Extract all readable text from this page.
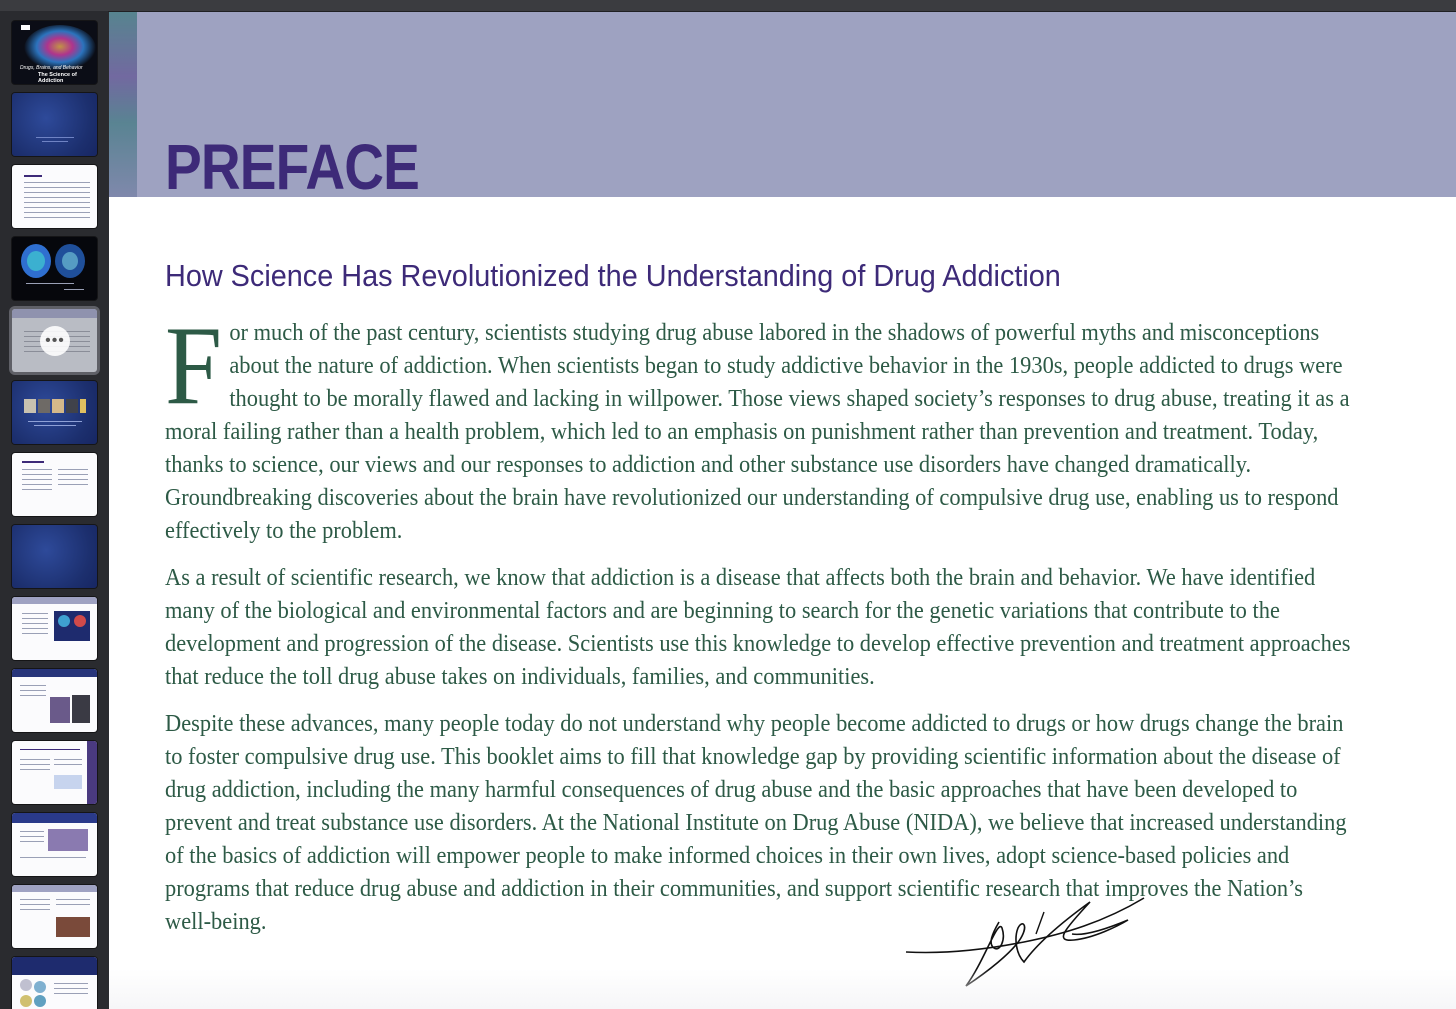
Drugs, Brains, and Behavior
The Science of Addiction
•••
PREFACE
How Science Has Revolutionized the Understanding of Drug Addiction

F or much of the past century, scientists studying drug abuse labored in the shadows of powerful myths and misconceptions about the nature of addiction. When scientists began to study addictive behavior in the 1930s, people addicted to drugs were thought to be morally flawed and lacking in willpower. Those views shaped society’s responses to drug abuse, treating it as a moral failing rather than a health problem, which led to an emphasis on punishment rather than prevention and treatment. Today, thanks to science, our views and our responses to addiction and other substance use disorders have changed dramatically. Groundbreaking discoveries about the brain have revolutionized our understanding of compulsive drug use, enabling us to respond effectively to the problem.

As a result of scientific research, we know that addiction is a disease that affects both the brain and behavior. We have identified many of the biological and environmental factors and are beginning to search for the genetic variations that contribute to the development and progression of the disease. Scientists use this knowledge to develop effective prevention and treatment approaches that reduce the toll drug abuse takes on individuals, families, and communities.

Despite these advances, many people today do not understand why people become addicted to drugs or how drugs change the brain to foster compulsive drug use. This booklet aims to fill that knowledge gap by providing scientific information about the disease of drug addiction, including the many harmful consequences of drug abuse and the basic approaches that have been developed to prevent and treat substance use disorders. At the National Institute on Drug Abuse (NIDA), we believe that increased understanding of the basics of addiction will empower people to make informed choices in their own lives, adopt science-based policies and programs that reduce drug abuse and addiction in their communities, and support scientific research that improves the Nation’s well-being.
